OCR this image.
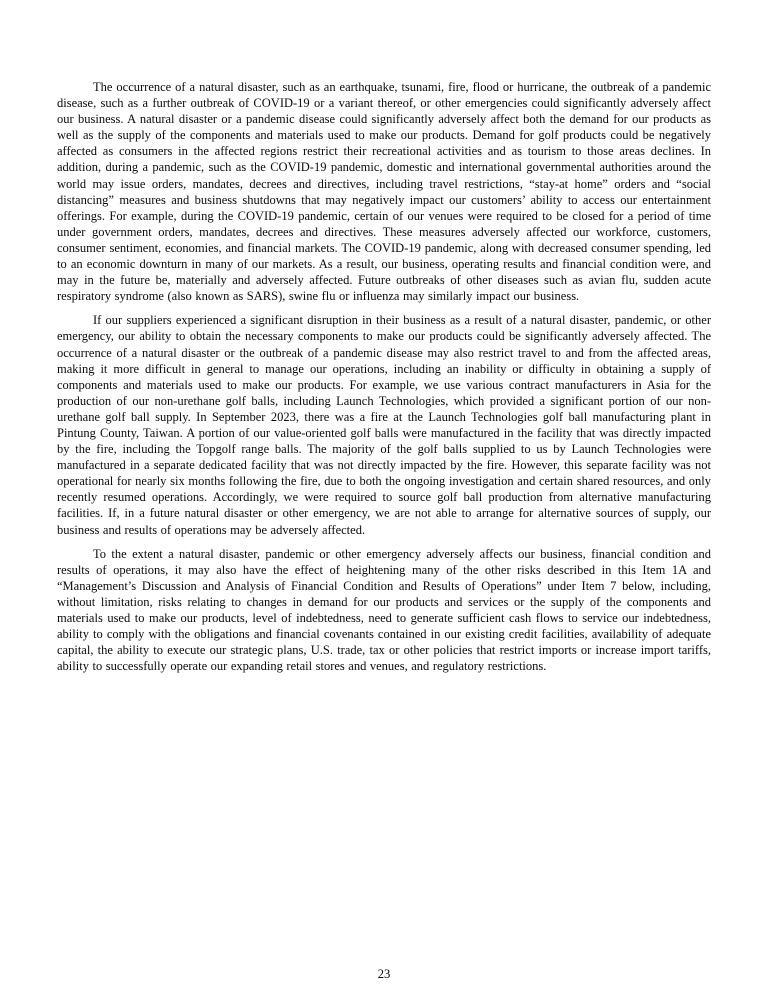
The occurrence of a natural disaster, such as an earthquake, tsunami, fire, flood or hurricane, the outbreak of a pandemic disease, such as a further outbreak of COVID-19 or a variant thereof, or other emergencies could significantly adversely affect our business. A natural disaster or a pandemic disease could significantly adversely affect both the demand for our products as well as the supply of the components and materials used to make our products. Demand for golf products could be negatively affected as consumers in the affected regions restrict their recreational activities and as tourism to those areas declines. In addition, during a pandemic, such as the COVID-19 pandemic, domestic and international governmental authorities around the world may issue orders, mandates, decrees and directives, including travel restrictions, “stay-at home” orders and “social distancing” measures and business shutdowns that may negatively impact our customers’ ability to access our entertainment offerings. For example, during the COVID-19 pandemic, certain of our venues were required to be closed for a period of time under government orders, mandates, decrees and directives. These measures adversely affected our workforce, customers, consumer sentiment, economies, and financial markets. The COVID-19 pandemic, along with decreased consumer spending, led to an economic downturn in many of our markets. As a result, our business, operating results and financial condition were, and may in the future be, materially and adversely affected. Future outbreaks of other diseases such as avian flu, sudden acute respiratory syndrome (also known as SARS), swine flu or influenza may similarly impact our business.

If our suppliers experienced a significant disruption in their business as a result of a natural disaster, pandemic, or other emergency, our ability to obtain the necessary components to make our products could be significantly adversely affected. The occurrence of a natural disaster or the outbreak of a pandemic disease may also restrict travel to and from the affected areas, making it more difficult in general to manage our operations, including an inability or difficulty in obtaining a supply of components and materials used to make our products. For example, we use various contract manufacturers in Asia for the production of our non-urethane golf balls, including Launch Technologies, which provided a significant portion of our non-urethane golf ball supply. In September 2023, there was a fire at the Launch Technologies golf ball manufacturing plant in Pintung County, Taiwan. A portion of our value-oriented golf balls were manufactured in the facility that was directly impacted by the fire, including the Topgolf range balls. The majority of the golf balls supplied to us by Launch Technologies were manufactured in a separate dedicated facility that was not directly impacted by the fire. However, this separate facility was not operational for nearly six months following the fire, due to both the ongoing investigation and certain shared resources, and only recently resumed operations. Accordingly, we were required to source golf ball production from alternative manufacturing facilities. If, in a future natural disaster or other emergency, we are not able to arrange for alternative sources of supply, our business and results of operations may be adversely affected.

To the extent a natural disaster, pandemic or other emergency adversely affects our business, financial condition and results of operations, it may also have the effect of heightening many of the other risks described in this Item 1A and “Management’s Discussion and Analysis of Financial Condition and Results of Operations” under Item 7 below, including, without limitation, risks relating to changes in demand for our products and services or the supply of the components and materials used to make our products, level of indebtedness, need to generate sufficient cash flows to service our indebtedness, ability to comply with the obligations and financial covenants contained in our existing credit facilities, availability of adequate capital, the ability to execute our strategic plans, U.S. trade, tax or other policies that restrict imports or increase import tariffs, ability to successfully operate our expanding retail stores and venues, and regulatory restrictions.

23
